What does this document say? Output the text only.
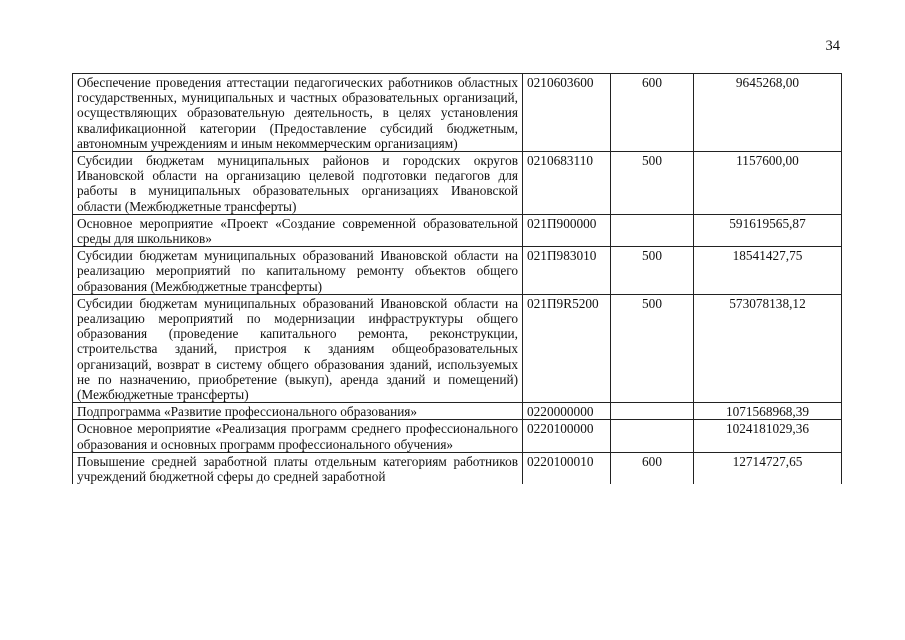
34
Обеспечение проведения аттестации педагогических работников областных государственных, муниципальных и частных образовательных организаций, осуществляющих образовательную деятельность, в целях установления квалификационной категории (Предоставление субсидий бюджетным, автономным учреждениям и иным некоммерческим организациям)	0210603600	600	9645268,00
Субсидии бюджетам муниципальных районов и городских округов Ивановской области на организацию целевой подготовки педагогов для работы в муниципальных образовательных организациях Ивановской области (Межбюджетные трансферты)	0210683110	500	1157600,00
Основное мероприятие «Проект «Создание современной образовательной среды для школьников»	021П900000		591619565,87
Субсидии бюджетам муниципальных образований Ивановской области на реализацию мероприятий по капитальному ремонту объектов общего образования (Межбюджетные трансферты)	021П983010	500	18541427,75
Субсидии бюджетам муниципальных образований Ивановской области на реализацию мероприятий по модернизации инфраструктуры общего образования (проведение капитального ремонта, реконструкции, строительства зданий, пристроя к зданиям общеобразовательных организаций, возврат в систему общего образования зданий, используемых не по назначению, приобретение (выкуп), аренда зданий и помещений) (Межбюджетные трансферты)	021П9R5200	500	573078138,12
Подпрограмма «Развитие профессионального образования»	0220000000		1071568968,39
Основное мероприятие «Реализация программ среднего профессионального образования и основных программ профессионального обучения»	0220100000		1024181029,36
Повышение средней заработной платы отдельным категориям работников учреждений бюджетной сферы до средней заработной	0220100010	600	12714727,65
